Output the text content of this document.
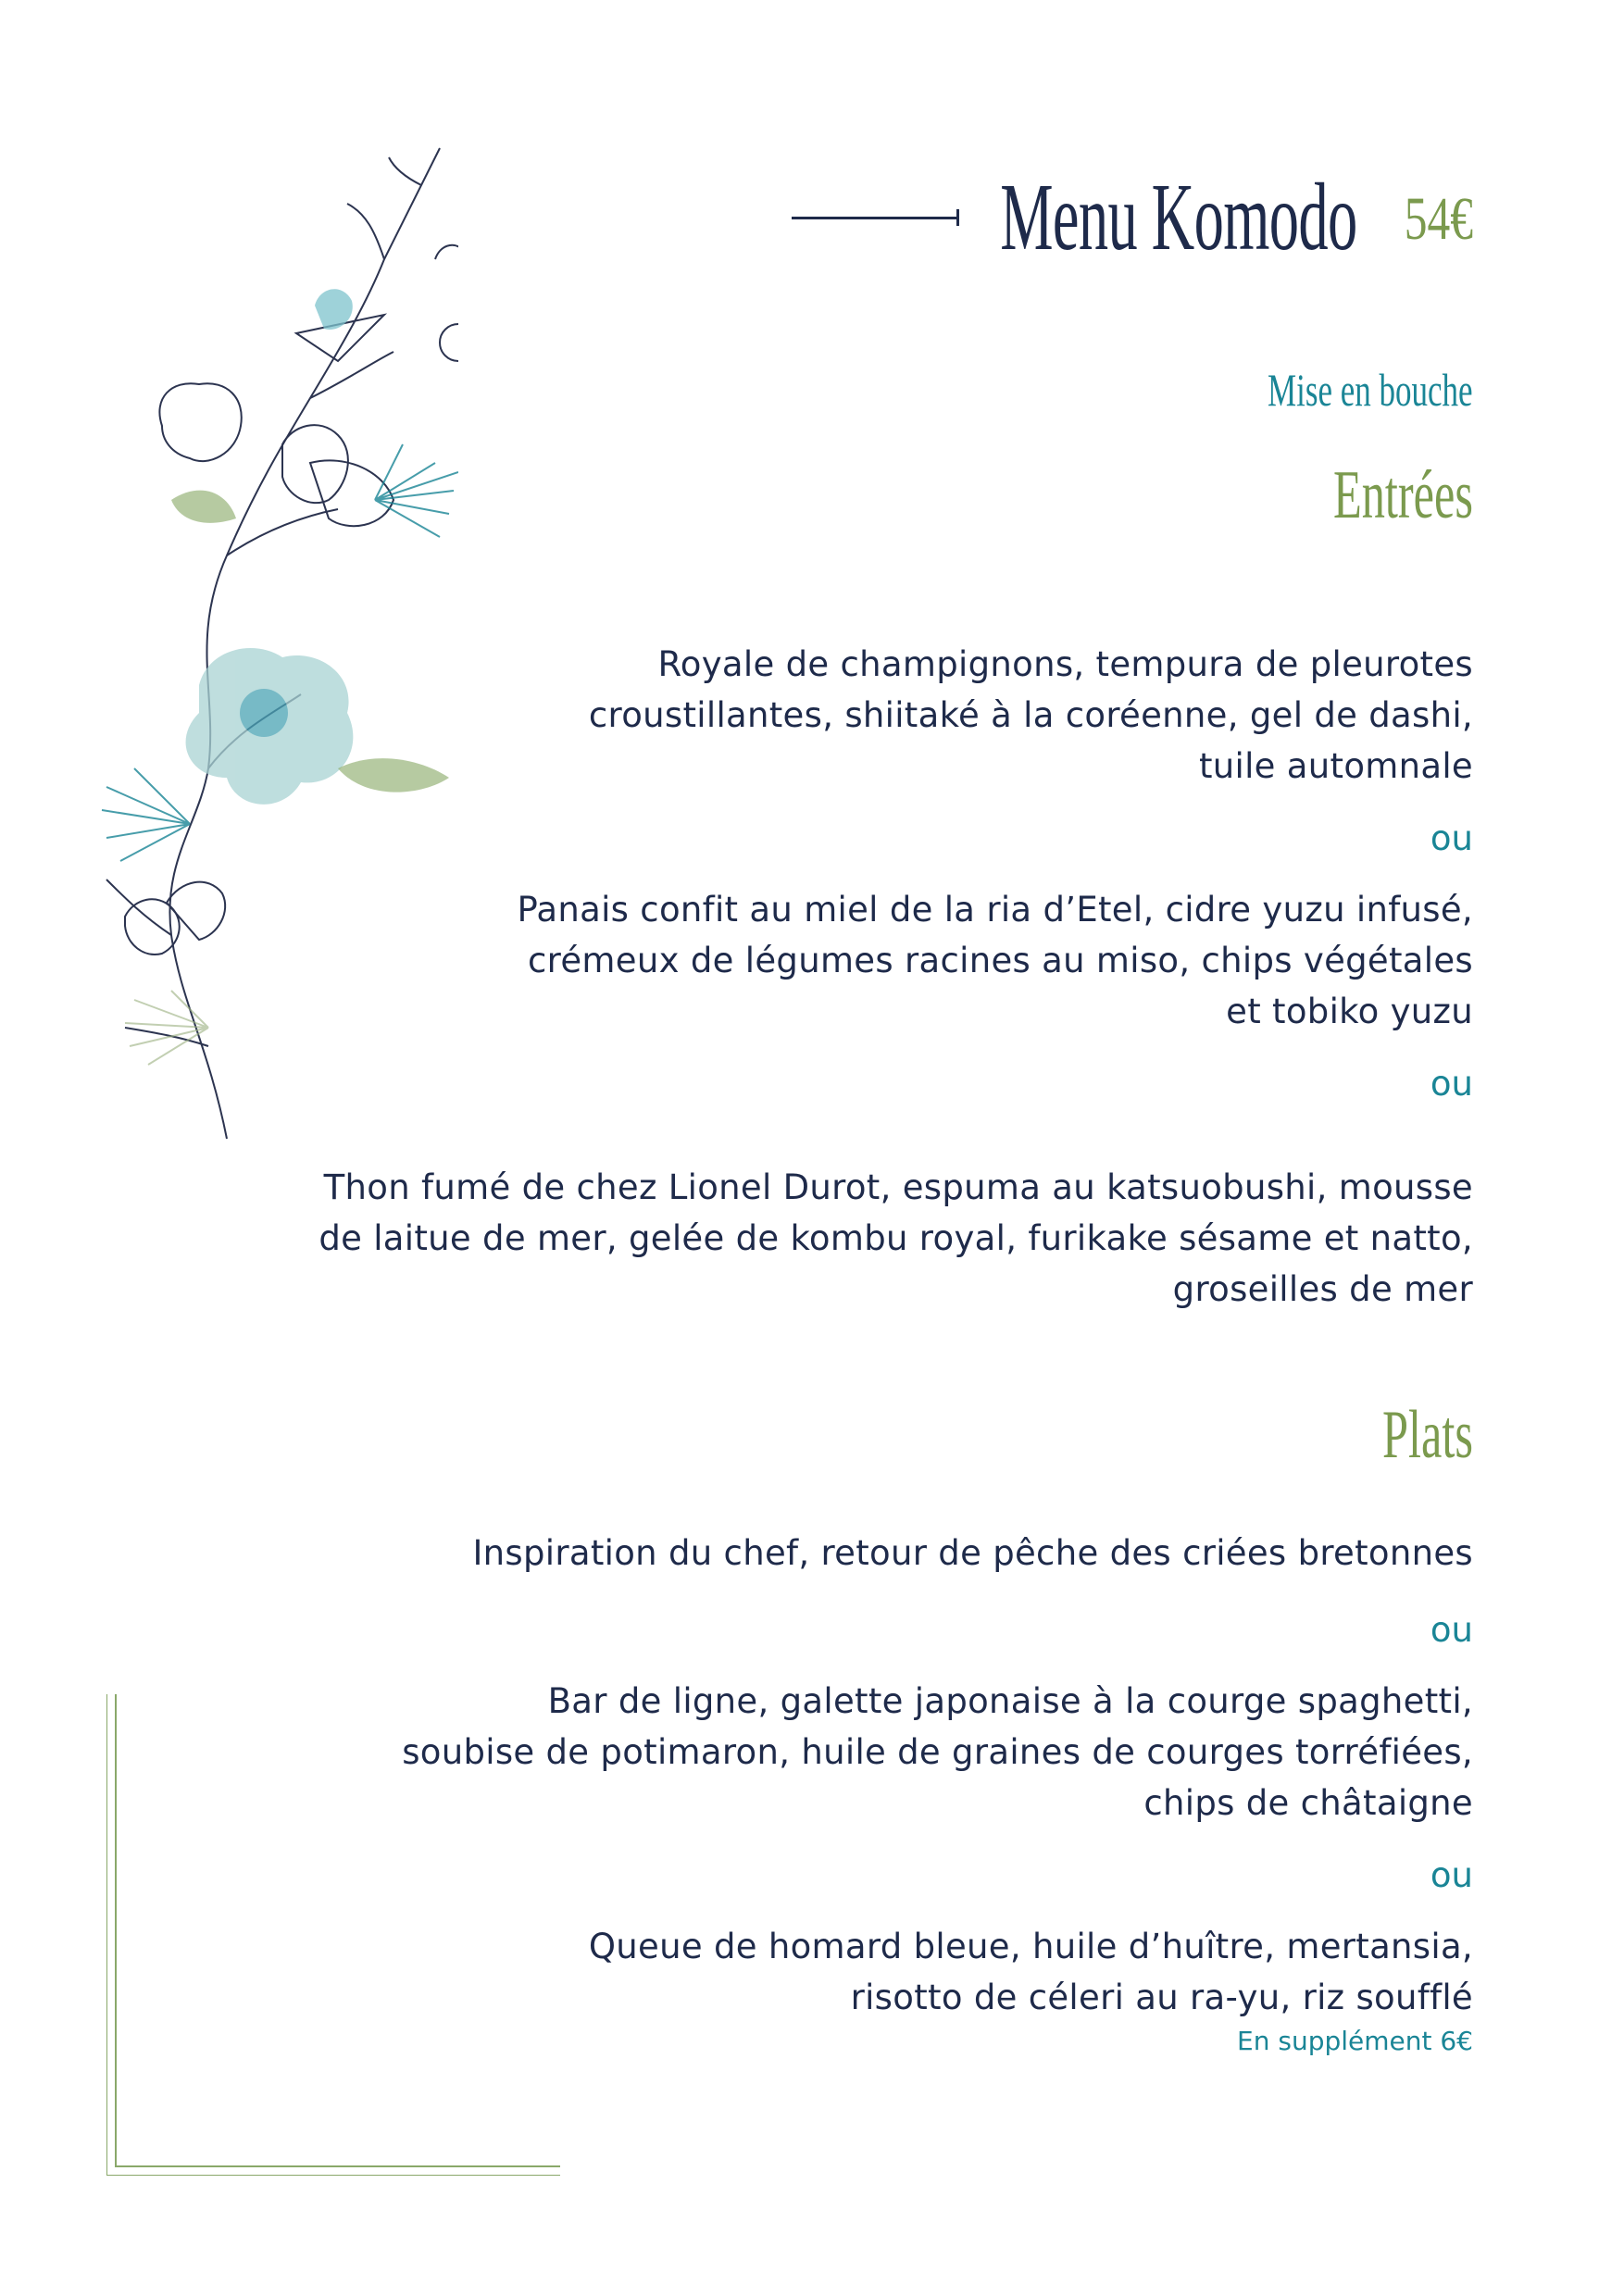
Menu Komodo 54€
Mise en bouche
Entrées
Royale de champignons, tempura de pleurotes
croustillantes, shiitaké à la coréenne, gel de dashi,
tuile automnale
ou
Panais confit au miel de la ria d’Etel, cidre yuzu infusé,
crémeux de légumes racines au miso, chips végétales
et tobiko yuzu
ou
Thon fumé de chez Lionel Durot, espuma au katsuobushi, mousse
de laitue de mer, gelée de kombu royal, furikake sésame et natto,
groseilles de mer
Plats
Inspiration du chef, retour de pêche des criées bretonnes
ou
Bar de ligne, galette japonaise à la courge spaghetti,
soubise de potimaron, huile de graines de courges torréfiées,
chips de châtaigne
ou
Queue de homard bleue, huile d’huître, mertansia,
risotto de céleri au ra-yu, riz soufflé
En supplément 6€
